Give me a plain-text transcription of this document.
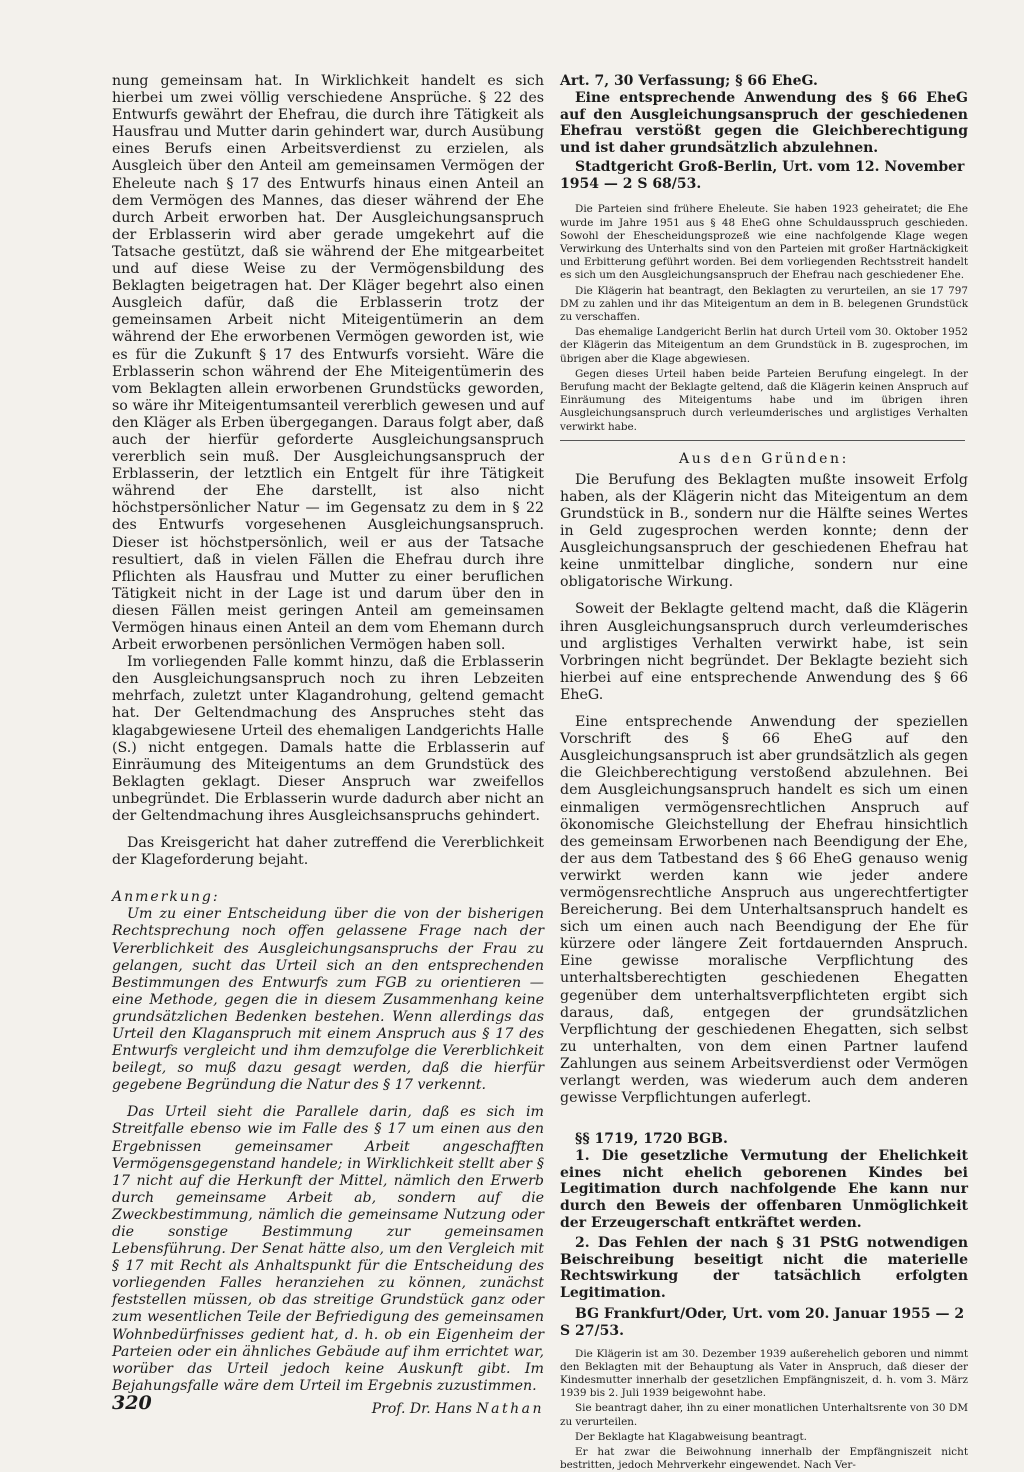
nung gemeinsam hat. In Wirklichkeit handelt es sich hierbei um zwei völlig verschiedene Ansprüche. § 22 des Entwurfs gewährt der Ehefrau, die durch ihre Tätigkeit als Hausfrau und Mutter darin gehindert war, durch Ausübung eines Berufs einen Arbeitsverdienst zu erzielen, als Ausgleich über den Anteil am gemeinsamen Vermögen der Eheleute nach § 17 des Entwurfs hinaus einen Anteil an dem Vermögen des Mannes, das dieser während der Ehe durch Arbeit erworben hat. Der Ausgleichungsanspruch der Erblasserin wird aber gerade umgekehrt auf die Tatsache gestützt, daß sie während der Ehe mitgearbeitet und auf diese Weise zu der Vermögensbildung des Beklagten beigetragen hat. Der Kläger begehrt also einen Ausgleich dafür, daß die Erblasserin trotz der gemeinsamen Arbeit nicht Miteigentümerin an dem während der Ehe erworbenen Vermögen geworden ist, wie es für die Zukunft § 17 des Entwurfs vorsieht. Wäre die Erblasserin schon während der Ehe Miteigentümerin des vom Beklagten allein erworbenen Grundstücks geworden, so wäre ihr Miteigentumsanteil vererblich gewesen und auf den Kläger als Erben übergegangen. Daraus folgt aber, daß auch der hierfür geforderte Ausgleichungsanspruch vererblich sein muß. Der Ausgleichungsanspruch der Erblasserin, der letztlich ein Entgelt für ihre Tätigkeit während der Ehe darstellt, ist also nicht höchstpersönlicher Natur — im Gegensatz zu dem in § 22 des Entwurfs vorgesehenen Ausgleichungsanspruch. Dieser ist höchstpersönlich, weil er aus der Tatsache resultiert, daß in vielen Fällen die Ehefrau durch ihre Pflichten als Hausfrau und Mutter zu einer beruflichen Tätigkeit nicht in der Lage ist und darum über den in diesen Fällen meist geringen Anteil am gemeinsamen Vermögen hinaus einen Anteil an dem vom Ehemann durch Arbeit erworbenen persönlichen Vermögen haben soll.

Im vorliegenden Falle kommt hinzu, daß die Erblasserin den Ausgleichungsanspruch noch zu ihren Lebzeiten mehrfach, zuletzt unter Klagandrohung, geltend gemacht hat. Der Geltendmachung des Anspruches steht das klagabgewiesene Urteil des ehemaligen Landgerichts Halle (S.) nicht entgegen. Damals hatte die Erblasserin auf Einräumung des Miteigentums an dem Grundstück des Beklagten geklagt. Dieser Anspruch war zweifellos unbegründet. Die Erblasserin wurde dadurch aber nicht an der Geltendmachung ihres Ausgleichsanspruchs gehindert.

Das Kreisgericht hat daher zutreffend die Vererblichkeit der Klageforderung bejaht.

Anmerkung:

Um zu einer Entscheidung über die von der bisherigen Rechtsprechung noch offen gelassene Frage nach der Vererblichkeit des Ausgleichungsanspruchs der Frau zu gelangen, sucht das Urteil sich an den entsprechenden Bestimmungen des Entwurfs zum FGB zu orientieren — eine Methode, gegen die in diesem Zusammenhang keine grundsätzlichen Bedenken bestehen. Wenn allerdings das Urteil den Klaganspruch mit einem Anspruch aus § 17 des Entwurfs vergleicht und ihm demzufolge die Vererblichkeit beilegt, so muß dazu gesagt werden, daß die hierfür gegebene Begründung die Natur des § 17 verkennt.

Das Urteil sieht die Parallele darin, daß es sich im Streitfalle ebenso wie im Falle des § 17 um einen aus den Ergebnissen gemeinsamer Arbeit angeschafften Vermögensgegenstand handele; in Wirklichkeit stellt aber § 17 nicht auf die Herkunft der Mittel, nämlich den Erwerb durch gemeinsame Arbeit ab, sondern auf die Zweckbestimmung, nämlich die gemeinsame Nutzung oder die sonstige Bestimmung zur gemeinsamen Lebensführung. Der Senat hätte also, um den Vergleich mit § 17 mit Recht als Anhaltspunkt für die Entscheidung des vorliegenden Falles heranziehen zu können, zunächst feststellen müssen, ob das streitige Grundstück ganz oder zum wesentlichen Teile der Befriedigung des gemeinsamen Wohnbedürfnisses gedient hat, d. h. ob ein Eigenheim der Parteien oder ein ähnliches Gebäude auf ihm errichtet war, worüber das Urteil jedoch keine Auskunft gibt. Im Bejahungsfalle wäre dem Urteil im Ergebnis zuzustimmen.

Prof. Dr. Hans Nathan

Art. 7, 30 Verfassung; § 66 EheG.

Eine entsprechende Anwendung des § 66 EheG auf den Ausgleichungsanspruch der geschiedenen Ehefrau verstößt gegen die Gleichberechtigung und ist daher grundsätzlich abzulehnen.

Stadtgericht Groß-Berlin, Urt. vom 12. November 1954 — 2 S 68/53.

Die Parteien sind frühere Eheleute. Sie haben 1923 geheiratet; die Ehe wurde im Jahre 1951 aus § 48 EheG ohne Schuldausspruch geschieden. Sowohl der Ehescheidungsprozeß wie eine nachfolgende Klage wegen Verwirkung des Unterhalts sind von den Parteien mit großer Hartnäckigkeit und Erbitterung geführt worden. Bei dem vorliegenden Rechtsstreit handelt es sich um den Ausgleichungsanspruch der Ehefrau nach geschiedener Ehe.

Die Klägerin hat beantragt, den Beklagten zu verurteilen, an sie 17 797 DM zu zahlen und ihr das Miteigentum an dem in B. belegenen Grundstück zu verschaffen.

Das ehemalige Landgericht Berlin hat durch Urteil vom 30. Oktober 1952 der Klägerin das Miteigentum an dem Grundstück in B. zugesprochen, im übrigen aber die Klage abgewiesen.

Gegen dieses Urteil haben beide Parteien Berufung eingelegt. In der Berufung macht der Beklagte geltend, daß die Klägerin keinen Anspruch auf Einräumung des Miteigentums habe und im übrigen ihren Ausgleichungsanspruch durch verleumderisches und arglistiges Verhalten verwirkt habe.

Aus den Gründen:

Die Berufung des Beklagten mußte insoweit Erfolg haben, als der Klägerin nicht das Miteigentum an dem Grundstück in B., sondern nur die Hälfte seines Wertes in Geld zugesprochen werden konnte; denn der Ausgleichungsanspruch der geschiedenen Ehefrau hat keine unmittelbar dingliche, sondern nur eine obligatorische Wirkung.

Soweit der Beklagte geltend macht, daß die Klägerin ihren Ausgleichungsanspruch durch verleumderisches und arglistiges Verhalten verwirkt habe, ist sein Vorbringen nicht begründet. Der Beklagte bezieht sich hierbei auf eine entsprechende Anwendung des § 66 EheG.

Eine entsprechende Anwendung der speziellen Vorschrift des § 66 EheG auf den Ausgleichungsanspruch ist aber grundsätzlich als gegen die Gleichberechtigung verstoßend abzulehnen. Bei dem Ausgleichungsanspruch handelt es sich um einen einmaligen vermögensrechtlichen Anspruch auf ökonomische Gleichstellung der Ehefrau hinsichtlich des gemeinsam Erworbenen nach Beendigung der Ehe, der aus dem Tatbestand des § 66 EheG genauso wenig verwirkt werden kann wie jeder andere vermögensrechtliche Anspruch aus ungerechtfertigter Bereicherung. Bei dem Unterhaltsanspruch handelt es sich um einen auch nach Beendigung der Ehe für kürzere oder längere Zeit fortdauernden Anspruch. Eine gewisse moralische Verpflichtung des unterhaltsberechtigten geschiedenen Ehegatten gegenüber dem unterhaltsverpflichteten ergibt sich daraus, daß, entgegen der grundsätzlichen Verpflichtung der geschiedenen Ehegatten, sich selbst zu unterhalten, von dem einen Partner laufend Zahlungen aus seinem Arbeitsverdienst oder Vermögen verlangt werden, was wiederum auch dem anderen gewisse Verpflichtungen auferlegt.

§§ 1719, 1720 BGB.

1. Die gesetzliche Vermutung der Ehelichkeit eines nicht ehelich geborenen Kindes bei Legitimation durch nachfolgende Ehe kann nur durch den Beweis der offenbaren Unmöglichkeit der Erzeugerschaft entkräftet werden.

2. Das Fehlen der nach § 31 PStG notwendigen Beischreibung beseitigt nicht die materielle Rechtswirkung der tatsächlich erfolgten Legitimation.

BG Frankfurt/Oder, Urt. vom 20. Januar 1955 — 2 S 27/53.

Die Klägerin ist am 30. Dezember 1939 außerehelich geboren und nimmt den Beklagten mit der Behauptung als Vater in Anspruch, daß dieser der Kindesmutter innerhalb der gesetzlichen Empfängniszeit, d. h. vom 3. März 1939 bis 2. Juli 1939 beigewohnt habe.

Sie beantragt daher, ihn zu einer monatlichen Unterhaltsrente von 30 DM zu verurteilen.

Der Beklagte hat Klagabweisung beantragt.

Er hat zwar die Beiwohnung innerhalb der Empfängniszeit nicht bestritten, jedoch Mehrverkehr eingewendet. Nach Ver-

320
